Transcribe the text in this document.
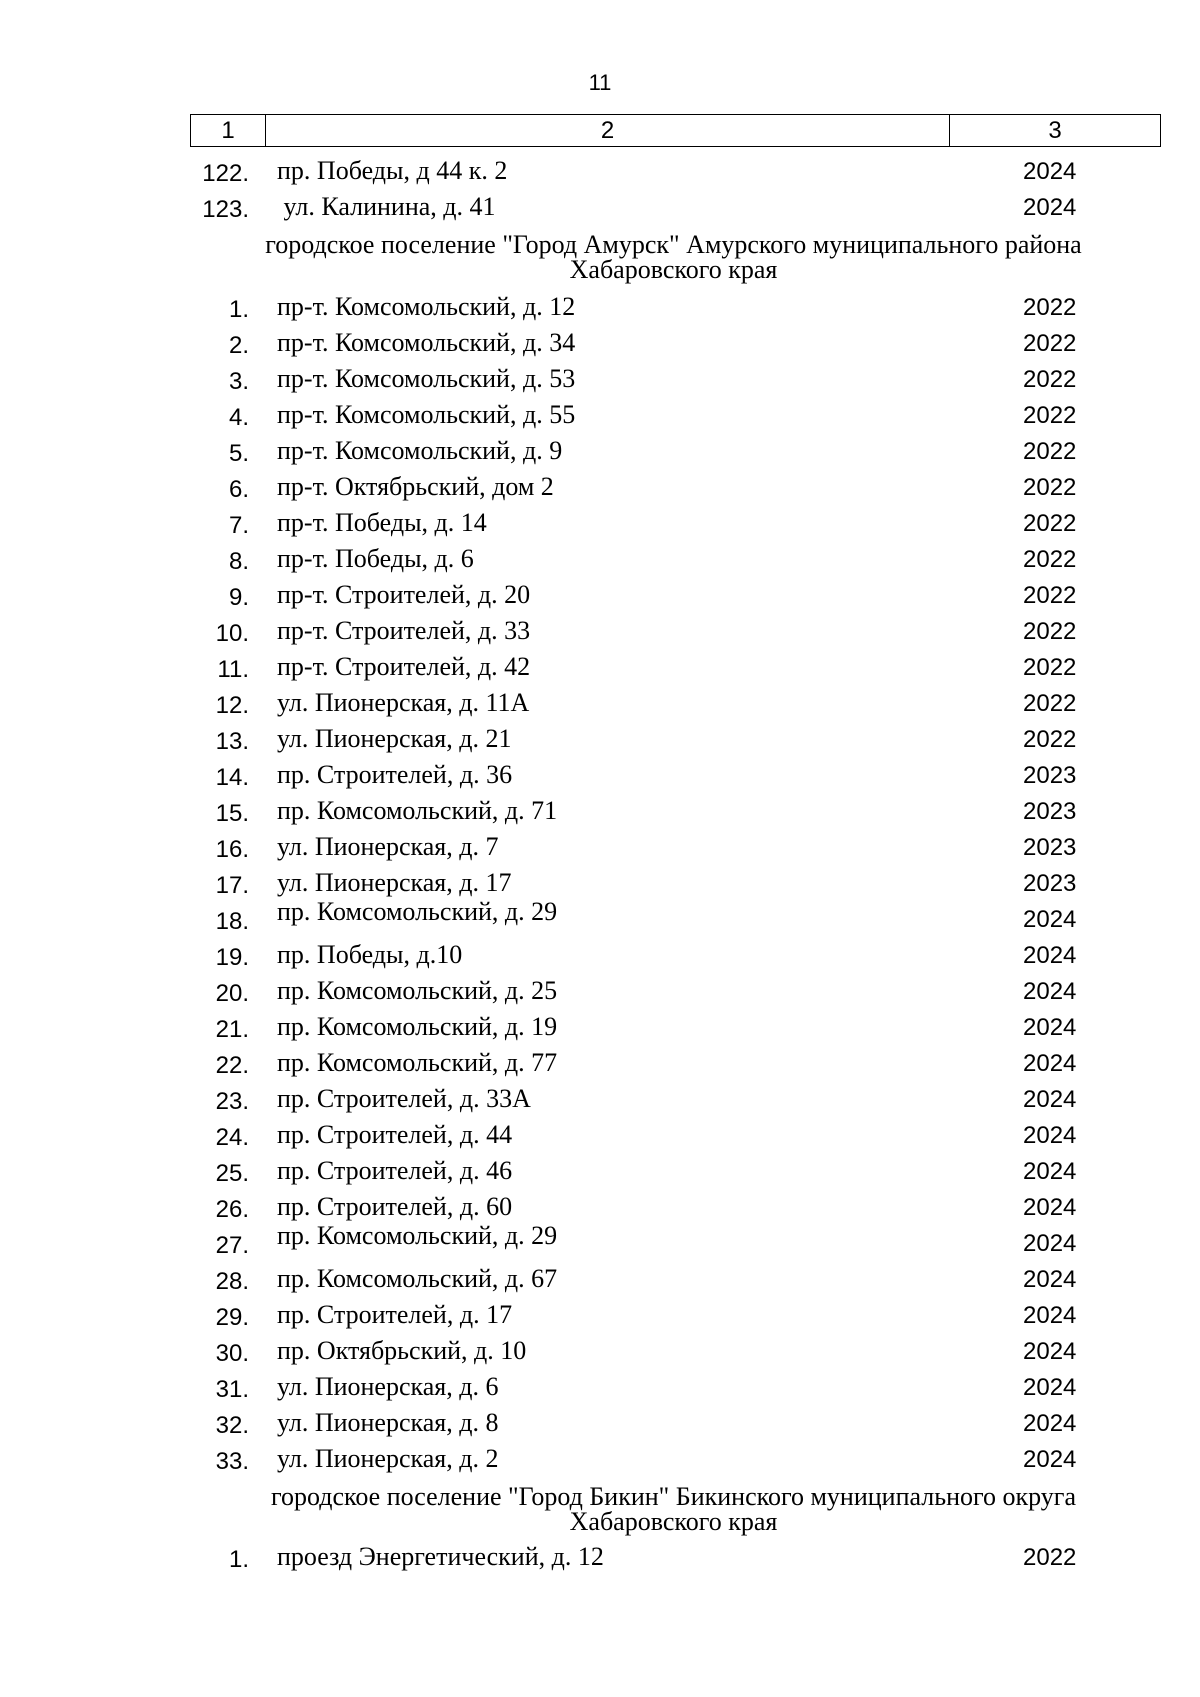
11
1	2	3
122. пр. Победы, д 44 к. 2	2024
123. ул. Калинина, д. 41	2024
городское поселение "Город Амурск" Амурского муниципального района
Хабаровского края
1. пр-т. Комсомольский, д. 12	2022
2. пр-т. Комсомольский, д. 34	2022
3. пр-т. Комсомольский, д. 53	2022
4. пр-т. Комсомольский, д. 55	2022
5. пр-т. Комсомольский, д. 9	2022
6. пр-т. Октябрьский, дом 2	2022
7. пр-т. Победы, д. 14	2022
8. пр-т. Победы, д. 6	2022
9. пр-т. Строителей, д. 20	2022
10. пр-т. Строителей, д. 33	2022
11. пр-т. Строителей, д. 42	2022
12. ул. Пионерская, д. 11А	2022
13. ул. Пионерская, д. 21	2022
14. пр. Строителей, д. 36	2023
15. пр. Комсомольский, д. 71	2023
16. ул. Пионерская, д. 7	2023
17. ул. Пионерская, д. 17	2023
18. пр. Комсомольский, д. 29	2024
19. пр. Победы, д.10	2024
20. пр. Комсомольский, д. 25	2024
21. пр. Комсомольский, д. 19	2024
22. пр. Комсомольский, д. 77	2024
23. пр. Строителей, д. 33А	2024
24. пр. Строителей, д. 44	2024
25. пр. Строителей, д. 46	2024
26. пр. Строителей, д. 60	2024
27. пр. Комсомольский, д. 29	2024
28. пр. Комсомольский, д. 67	2024
29. пр. Строителей, д. 17	2024
30. пр. Октябрьский, д. 10	2024
31. ул. Пионерская, д. 6	2024
32. ул. Пионерская, д. 8	2024
33. ул. Пионерская, д. 2	2024
городское поселение "Город Бикин" Бикинского муниципального округа
Хабаровского края
1. проезд Энергетический, д. 12	2022
